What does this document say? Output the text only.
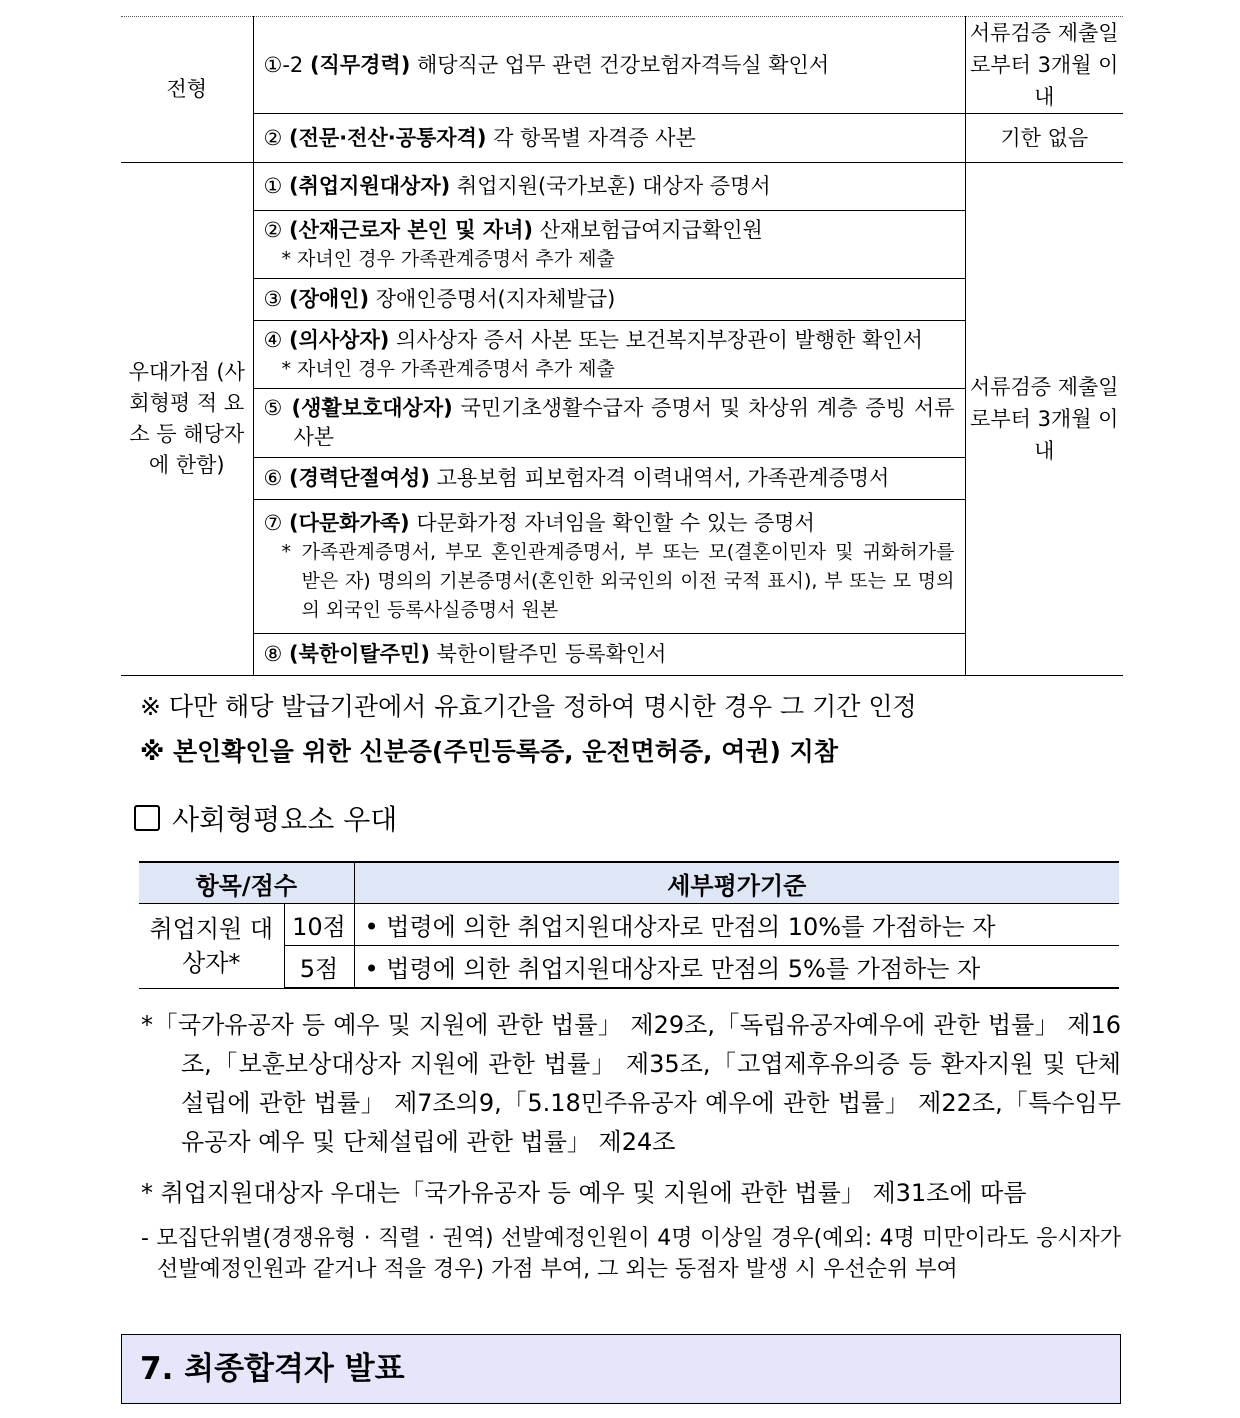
전형	①-2 (직무경력) 해당직군 업무 관련 건강보험자격득실 확인서	서류검증 제출일로부터 3개월 이내
	② (전문·전산·공통자격) 각 항목별 자격증 사본	기한 없음
우대가점 (사회형평 적 요소 등 해당자에 한함)	① (취업지원대상자) 취업지원(국가보훈) 대상자 증명서	서류검증 제출일로부터 3개월 이내

	② (산재근로자 본인 및 자녀) 산재보험급여지급확인원
* 자녀인 경우 가족관계증명서 추가 제출	

	③ (장애인) 장애인증명서(지자체발급)	

	④ (의사상자) 의사상자 증서 사본 또는 보건복지부장관이 발행한 확인서
* 자녀인 경우 가족관계증명서 추가 제출	

	⑤ (생활보호대상자) 국민기초생활수급자 증명서 및 차상위 계층 증빙 서류 사본	

	⑥ (경력단절여성) 고용보험 피보험자격 이력내역서, 가족관계증명서	

	⑦ (다문화가족) 다문화가정 자녀임을 확인할 수 있는 증명서
* 가족관계증명서, 부모 혼인관계증명서, 부 또는 모(결혼이민자 및 귀화허가를 받은 자) 명의의 기본증명서(혼인한 외국인의 이전 국적 표시), 부 또는 모 명의의 외국인 등록사실증명서 원본	

	⑧ (북한이탈주민) 북한이탈주민 등록확인서	
※ 다만 해당 발급기관에서 유효기간을 정하여 명시한 경우 그 기간 인정
※ 본인확인을 위한 신분증(주민등록증, 운전면허증, 여권) 지참
사회형평요소 우대
항목/점수		세부평가기준
취업지원 대상자*	10점	• 법령에 의한 취업지원대상자로 만점의 10%를 가점하는 자
	5점	• 법령에 의한 취업지원대상자로 만점의 5%를 가점하는 자
*「국가유공자 등 예우 및 지원에 관한 법률」 제29조,「독립유공자예우에 관한 법률」 제16조,「보훈보상대상자 지원에 관한 법률」 제35조,「고엽제후유의증 등 환자지원 및 단체설립에 관한 법률」 제7조의9,「5.18민주유공자 예우에 관한 법률」 제22조,「특수임무유공자 예우 및 단체설립에 관한 법률」 제24조
* 취업지원대상자 우대는「국가유공자 등 예우 및 지원에 관한 법률」 제31조에 따름
- 모집단위별(경쟁유형 · 직렬 · 권역) 선발예정인원이 4명 이상일 경우(예외: 4명 미만이라도 응시자가 선발예정인원과 같거나 적을 경우) 가점 부여, 그 외는 동점자 발생 시 우선순위 부여
7. 최종합격자 발표
